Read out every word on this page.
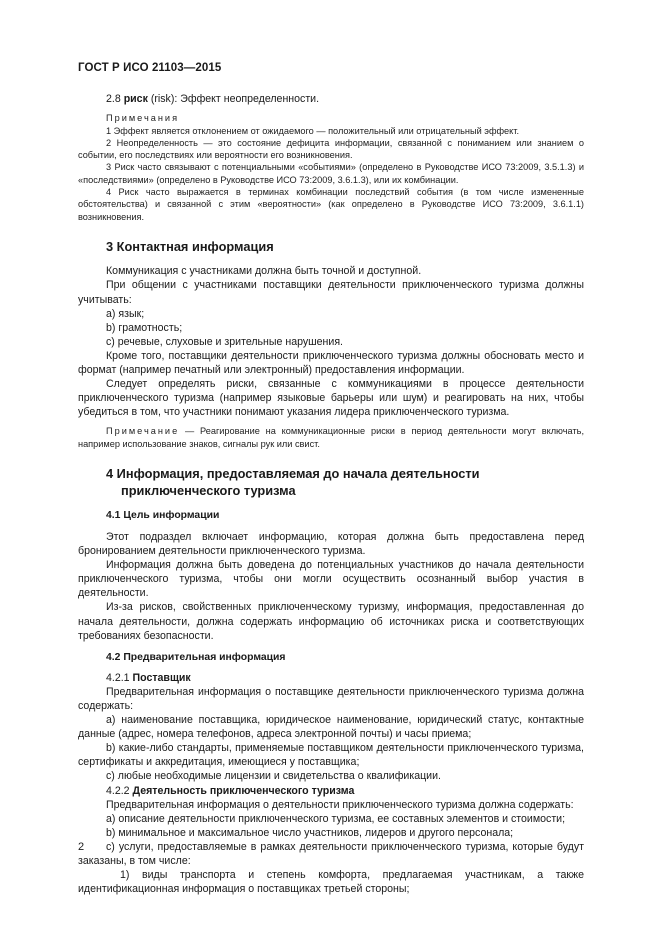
ГОСТ Р ИСО 21103—2015

2.8 риск (risk): Эффект неопределенности.

Примечания

1 Эффект является отклонением от ожидаемого — положительный или отрицательный эффект.

2 Неопределенность — это состояние дефицита информации, связанной с пониманием или знанием о событии, его последствиях или вероятности его возникновения.

3 Риск часто связывают с потенциальными «событиями» (определено в Руководстве ИСО 73:2009, 3.5.1.3) и «последствиями» (определено в Руководстве ИСО 73:2009, 3.6.1.3), или их комбинации.

4 Риск часто выражается в терминах комбинации последствий события (в том числе измененные обстоятельства) и связанной с этим «вероятности» (как определено в Руководстве ИСО 73:2009, 3.6.1.1) возникновения.

3 Контактная информация

Коммуникация с участниками должна быть точной и доступной.

При общении с участниками поставщики деятельности приключенческого туризма должны учитывать:

a) язык;

b) грамотность;

c) речевые, слуховые и зрительные нарушения.

Кроме того, поставщики деятельности приключенческого туризма должны обосновать место и формат (например печатный или электронный) предоставления информации.

Следует определять риски, связанные с коммуникациями в процессе деятельности приключенческого туризма (например языковые барьеры или шум) и реагировать на них, чтобы убедиться в том, что участники понимают указания лидера приключенческого туризма.

Примечание — Реагирование на коммуникационные риски в период деятельности могут включать, например использование знаков, сигналы рук или свист.

4 Информация, предоставляемая до начала деятельности
приключенческого туризма
4.1 Цель информации

Этот подраздел включает информацию, которая должна быть предоставлена перед бронированием деятельности приключенческого туризма.

Информация должна быть доведена до потенциальных участников до начала деятельности приключенческого туризма, чтобы они могли осуществить осознанный выбор участия в деятельности.

Из-за рисков, свойственных приключенческому туризму, информация, предоставленная до начала деятельности, должна содержать информацию об источниках риска и соответствующих требованиях безопасности.

4.2 Предварительная информация

4.2.1 Поставщик

Предварительная информация о поставщике деятельности приключенческого туризма должна содержать:

a) наименование поставщика, юридическое наименование, юридический статус, контактные данные (адрес, номера телефонов, адреса электронной почты) и часы приема;

b) какие-либо стандарты, применяемые поставщиком деятельности приключенческого туризма, сертификаты и аккредитация, имеющиеся у поставщика;

c) любые необходимые лицензии и свидетельства о квалификации.

4.2.2 Деятельность приключенческого туризма

Предварительная информация о деятельности приключенческого туризма должна содержать:

a) описание деятельности приключенческого туризма, ее составных элементов и стоимости;

b) минимальное и максимальное число участников, лидеров и другого персонала;

c) услуги, предоставляемые в рамках деятельности приключенческого туризма, которые будут заказаны, в том числе:

1) виды транспорта и степень комфорта, предлагаемая участникам, а также идентификационная информация о поставщиках третьей стороны;

2
